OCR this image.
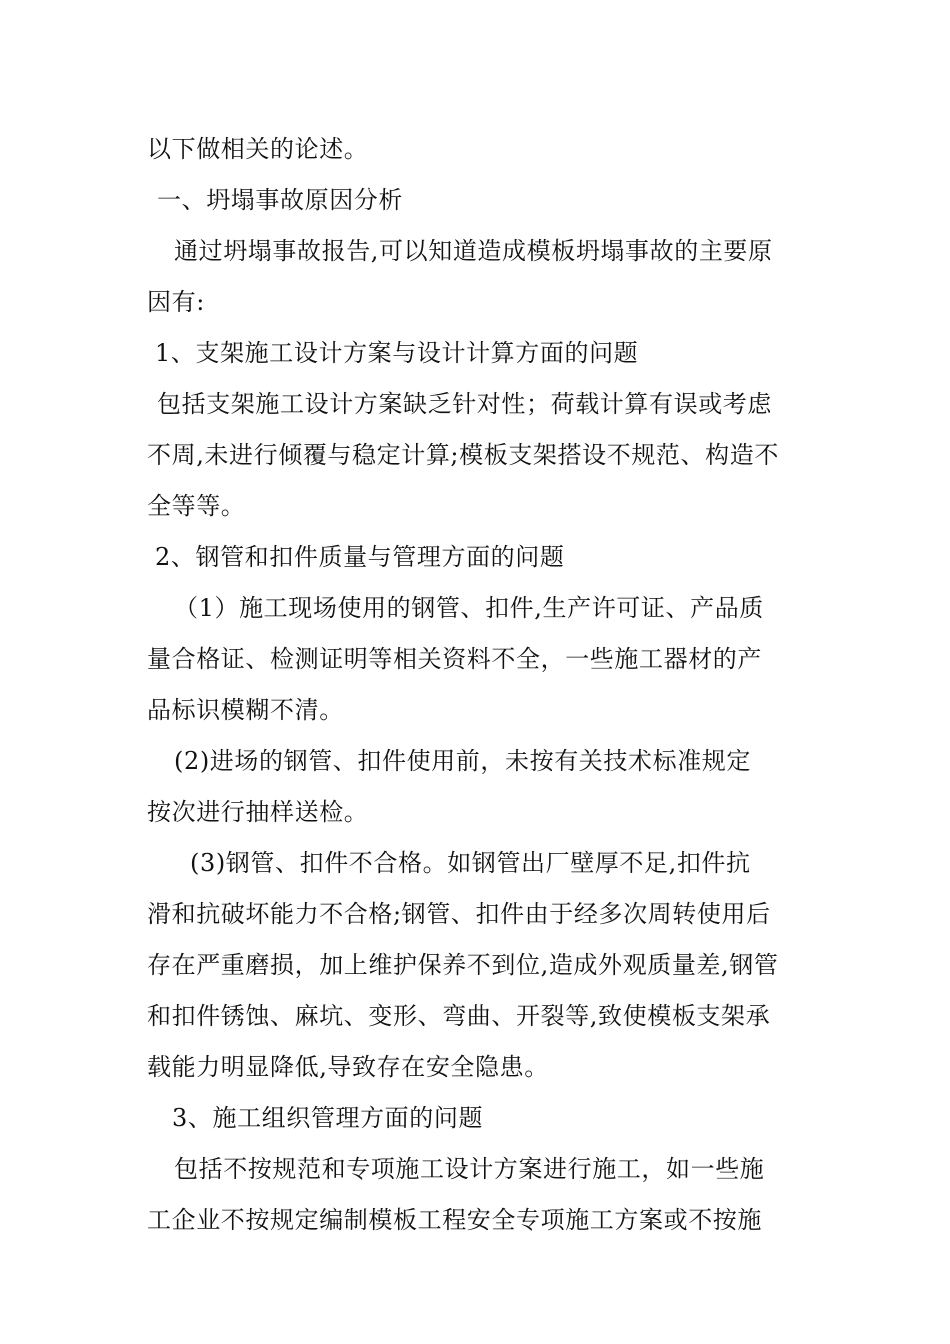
以下做相关的论述。
一、坍塌事故原因分析
通过坍塌事故报告,可以知道造成模板坍塌事故的主要原
因有:
1、支架施工设计方案与设计计算方面的问题
包括支架施工设计方案缺乏针对性；荷载计算有误或考虑
不周,未进行倾覆与稳定计算;模板支架搭设不规范、构造不
全等等。
2、钢管和扣件质量与管理方面的问题
（1）施工现场使用的钢管、扣件,生产许可证、产品质
量合格证、检测证明等相关资料不全，一些施工器材的产
品标识模糊不清。
(2)进场的钢管、扣件使用前，未按有关技术标准规定
按次进行抽样送检。
(3)钢管、扣件不合格。如钢管出厂壁厚不足,扣件抗
滑和抗破坏能力不合格;钢管、扣件由于经多次周转使用后
存在严重磨损，加上维护保养不到位,造成外观质量差,钢管
和扣件锈蚀、麻坑、变形、弯曲、开裂等,致使模板支架承
载能力明显降低,导致存在安全隐患。
3、施工组织管理方面的问题
包括不按规范和专项施工设计方案进行施工，如一些施
工企业不按规定编制模板工程安全专项施工方案或不按施
